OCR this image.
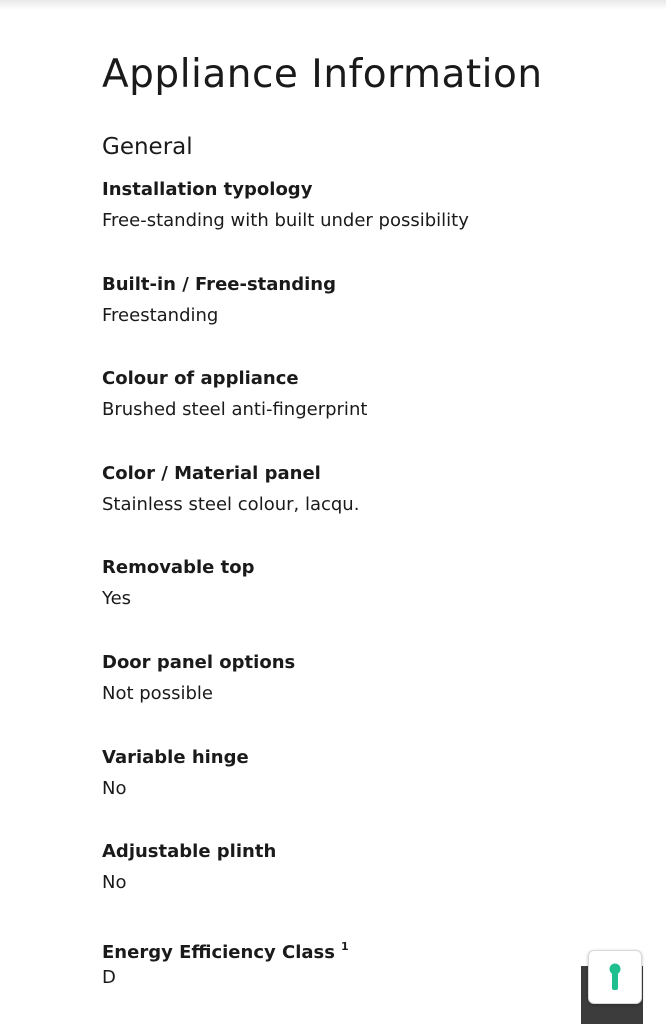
Appliance Information
General
Installation typology
Free-standing with built under possibility
Built-in / Free-standing
Freestanding
Colour of appliance
Brushed steel anti-fingerprint
Color / Material panel
Stainless steel colour, lacqu.
Removable top
Yes
Door panel options
Not possible
Variable hinge
No
Adjustable plinth
No
Energy Efficiency Class $^1$
D
